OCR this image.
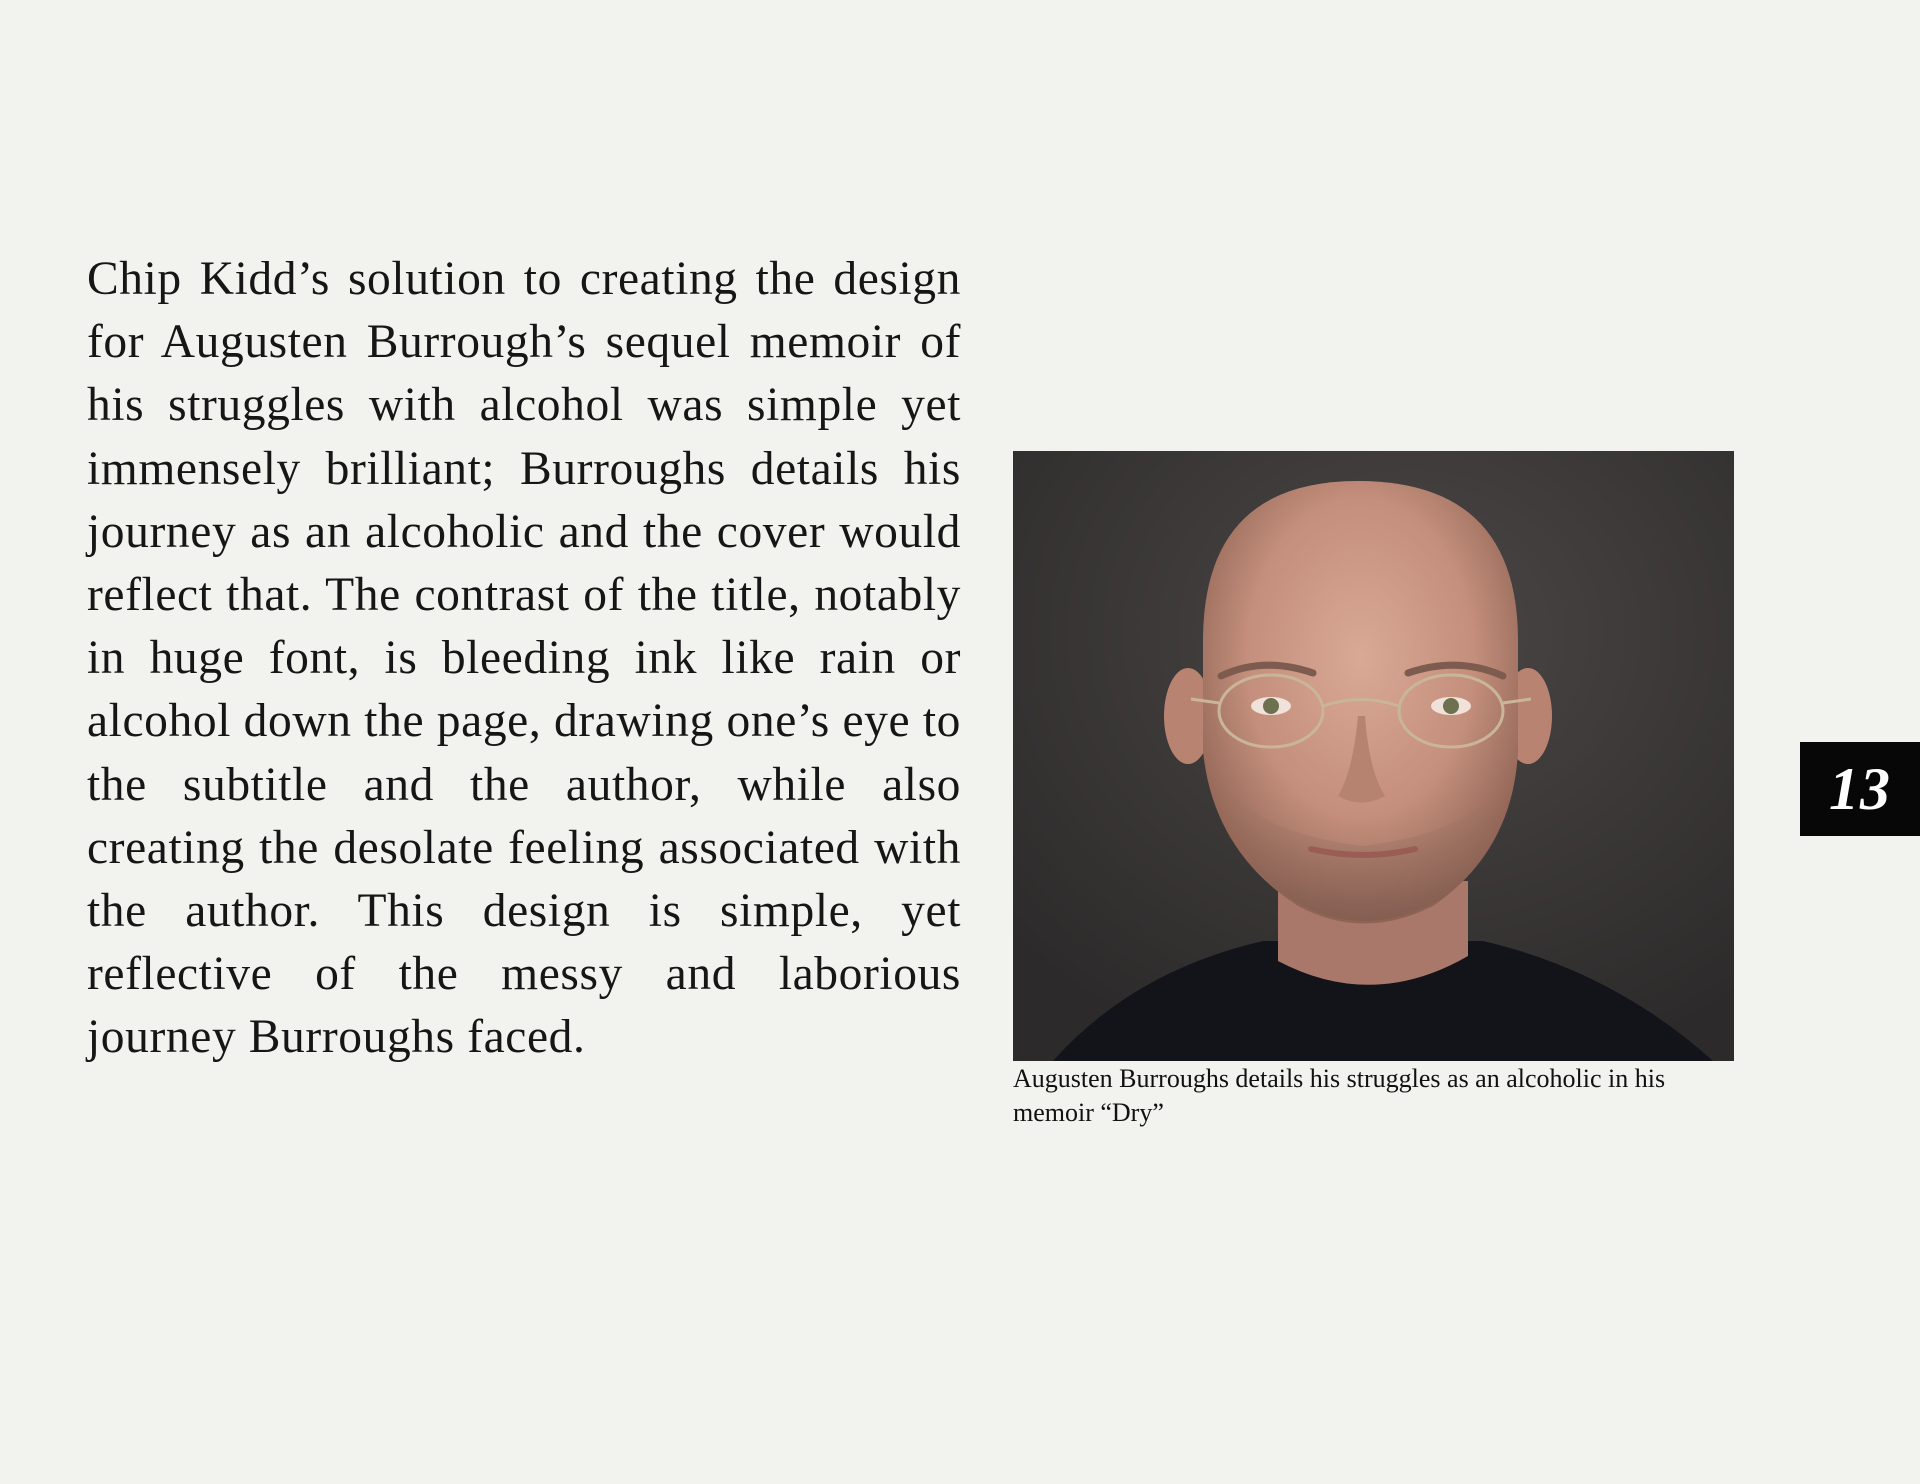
Chip Kidd’s solution to creating the design for Augusten Burrough’s sequel memoir of his struggles with alcohol was simple yet immensely brilliant; Burroughs details his journey as an alcoholic and the cover would reflect that. The contrast of the title, notably in huge font, is bleeding ink like rain or alcohol down the page, drawing one’s eye to the subtitle and the author, while also creating the desolate feeling associated with the author. This design is simple, yet reflective of the messy and laborious journey Burroughs faced.

Augusten Burroughs details his struggles as an alcoholic in his memoir “Dry”

13
